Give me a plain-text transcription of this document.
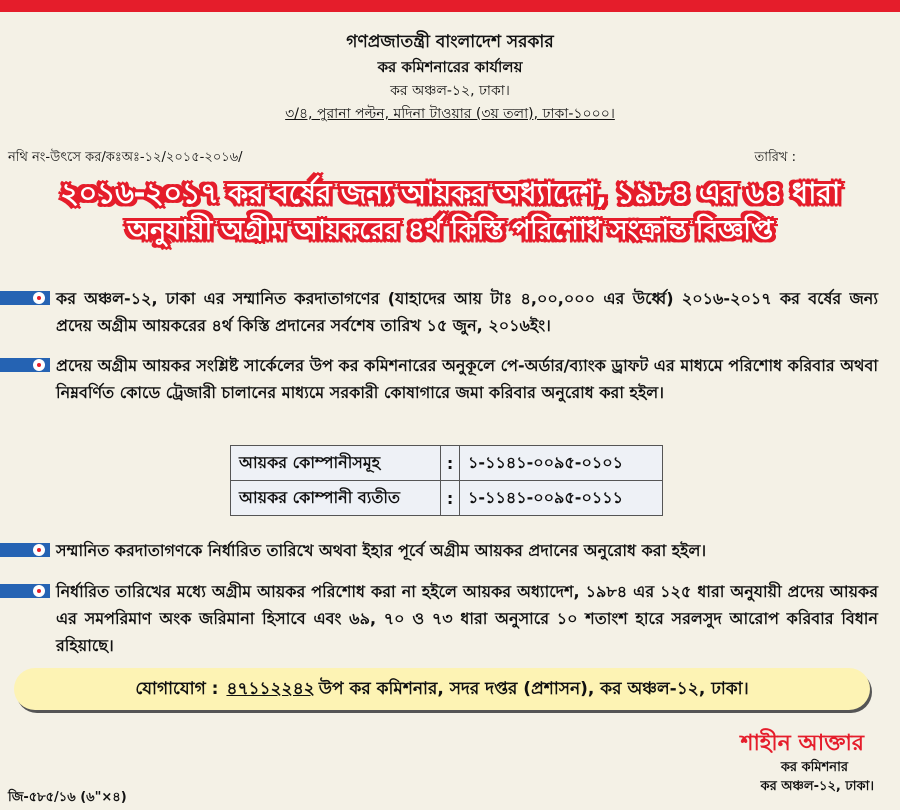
গণপ্রজাতন্ত্রী বাংলাদেশ সরকার
কর কমিশনারের কার্যালয়
কর অঞ্চল-১২, ঢাকা।
৩/৪, পুরানা পল্টন, মদিনা টাওয়ার (৩য় তলা), ঢাকা-১০০০।
নথি নং-উৎসে কর/কঃঅঃ-১২/২০১৫-২০১৬/	তারিখ :
২০১৬-২০১৭ কর বর্ষের জন্য আয়কর অধ্যাদেশ, ১৯৮৪ এর ৬৪ ধারা
অনুযায়ী অগ্রীম আয়করের ৪র্থ কিস্তি পরিশোধ সংক্রান্ত বিজ্ঞপ্তি
কর অঞ্চল-১২, ঢাকা এর সম্মানিত করদাতাগণের (যাহাদের আয় টাঃ ৪,০০,০০০ এর উর্ধ্বে) ২০১৬-২০১৭ কর বর্ষের জন্য প্রদেয় অগ্রীম আয়করের ৪র্থ কিস্তি প্রদানের সর্বশেষ তারিখ ১৫ জুন, ২০১৬ইং।
প্রদেয় অগ্রীম আয়কর সংশ্লিষ্ট সার্কেলের উপ কর কমিশনারের অনুকূলে পে-অর্ডার/ব্যাংক ড্রাফট এর মাধ্যমে পরিশোধ করিবার অথবা নিম্নবর্ণিত কোডে ট্রেজারী চালানের মাধ্যমে সরকারী কোষাগারে জমা করিবার অনুরোধ করা হইল।
আয়কর কোম্পানীসমূহ	:	১-১১৪১-০০৯৫-০১০১
আয়কর কোম্পানী ব্যতীত	:	১-১১৪১-০০৯৫-০১১১
সম্মানিত করদাতাগণকে নির্ধারিত তারিখে অথবা ইহার পূর্বে অগ্রীম আয়কর প্রদানের অনুরোধ করা হইল।
নির্ধারিত তারিখের মধ্যে অগ্রীম আয়কর পরিশোধ করা না হইলে আয়কর অধ্যাদেশ, ১৯৮৪ এর ১২৫ ধারা অনুযায়ী প্রদেয় আয়কর এর সমপরিমাণ অংক জরিমানা হিসাবে এবং ৬৯, ৭০ ও ৭৩ ধারা অনুসারে ১০ শতাংশ হারে সরলসুদ আরোপ করিবার বিধান রহিয়াছে।
যোগাযোগ : ৪৭১১২২৪২ উপ কর কমিশনার, সদর দপ্তর (প্রশাসন), কর অঞ্চল-১২, ঢাকা।
শাহীন আক্তার
কর কমিশনার
কর অঞ্চল-১২, ঢাকা।
জি-৫৮৫/১৬ (৬"×৪)
